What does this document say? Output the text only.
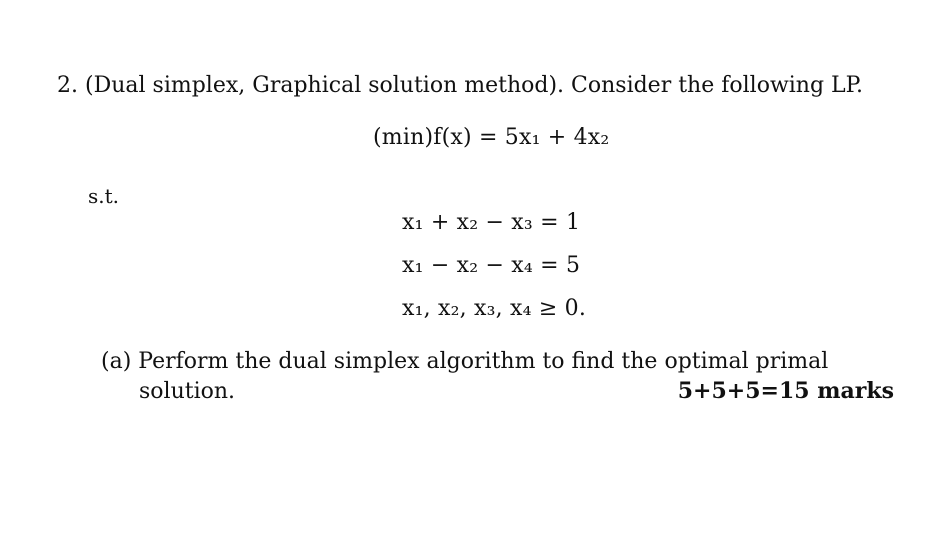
2. (Dual simplex, Graphical solution method). Consider the following LP.
(min)f(x) = 5x₁ + 4x₂
s.t.
x₁ + x₂ − x₃ = 1
x₁ − x₂ − x₄ = 5
x₁, x₂, x₃, x₄ ≥ 0.
(a) Perform the dual simplex algorithm to find the optimal primal
solution.	5+5+5=15 marks
